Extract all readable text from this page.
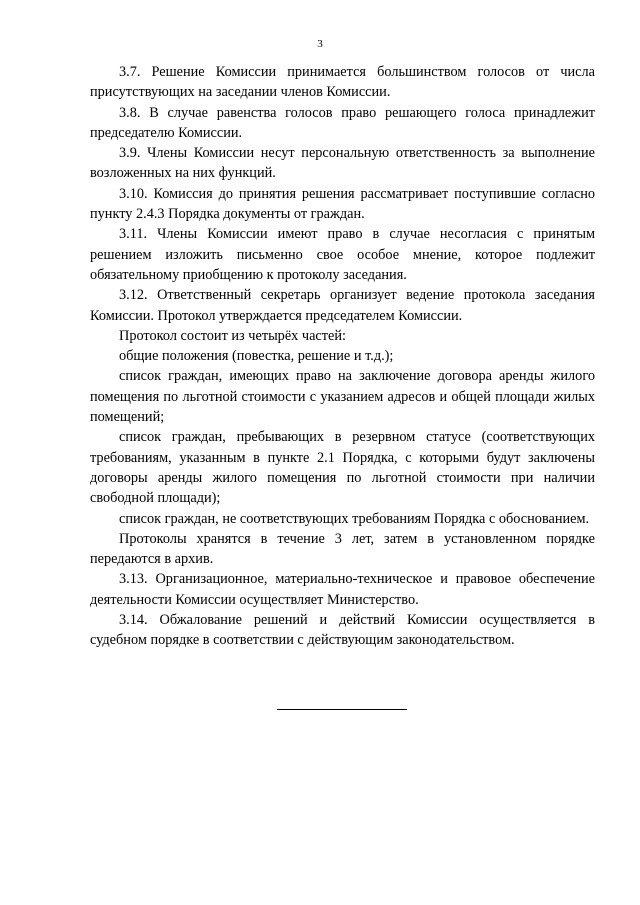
3

3.7. Решение Комиссии принимается большинством голосов от числа присутствующих на заседании членов Комиссии.

3.8. В случае равенства голосов право решающего голоса принадлежит председателю Комиссии.

3.9. Члены Комиссии несут персональную ответственность за выполнение возложенных на них функций.

3.10. Комиссия до принятия решения рассматривает поступившие согласно пункту 2.4.3 Порядка документы от граждан.

3.11. Члены Комиссии имеют право в случае несогласия с принятым решением изложить письменно свое особое мнение, которое подлежит обязательному приобщению к протоколу заседания.

3.12. Ответственный секретарь организует ведение протокола заседания Комиссии. Протокол утверждается председателем Комиссии.

Протокол состоит из четырёх частей:

общие положения (повестка, решение и т.д.);

список граждан, имеющих право на заключение договора аренды жилого помещения по льготной стоимости с указанием адресов и общей площади жилых помещений;

список граждан, пребывающих в резервном статусе (соответствующих требованиям, указанным в пункте 2.1 Порядка, с которыми будут заключены договоры аренды жилого помещения по льготной стоимости при наличии свободной площади);

список граждан, не соответствующих требованиям Порядка с обоснованием.

Протоколы хранятся в течение 3 лет, затем в установленном порядке передаются в архив.

3.13. Организационное, материально-техническое и правовое обеспечение деятельности Комиссии осуществляет Министерство.

3.14. Обжалование решений и действий Комиссии осуществляется в судебном порядке в соответствии с действующим законодательством.
